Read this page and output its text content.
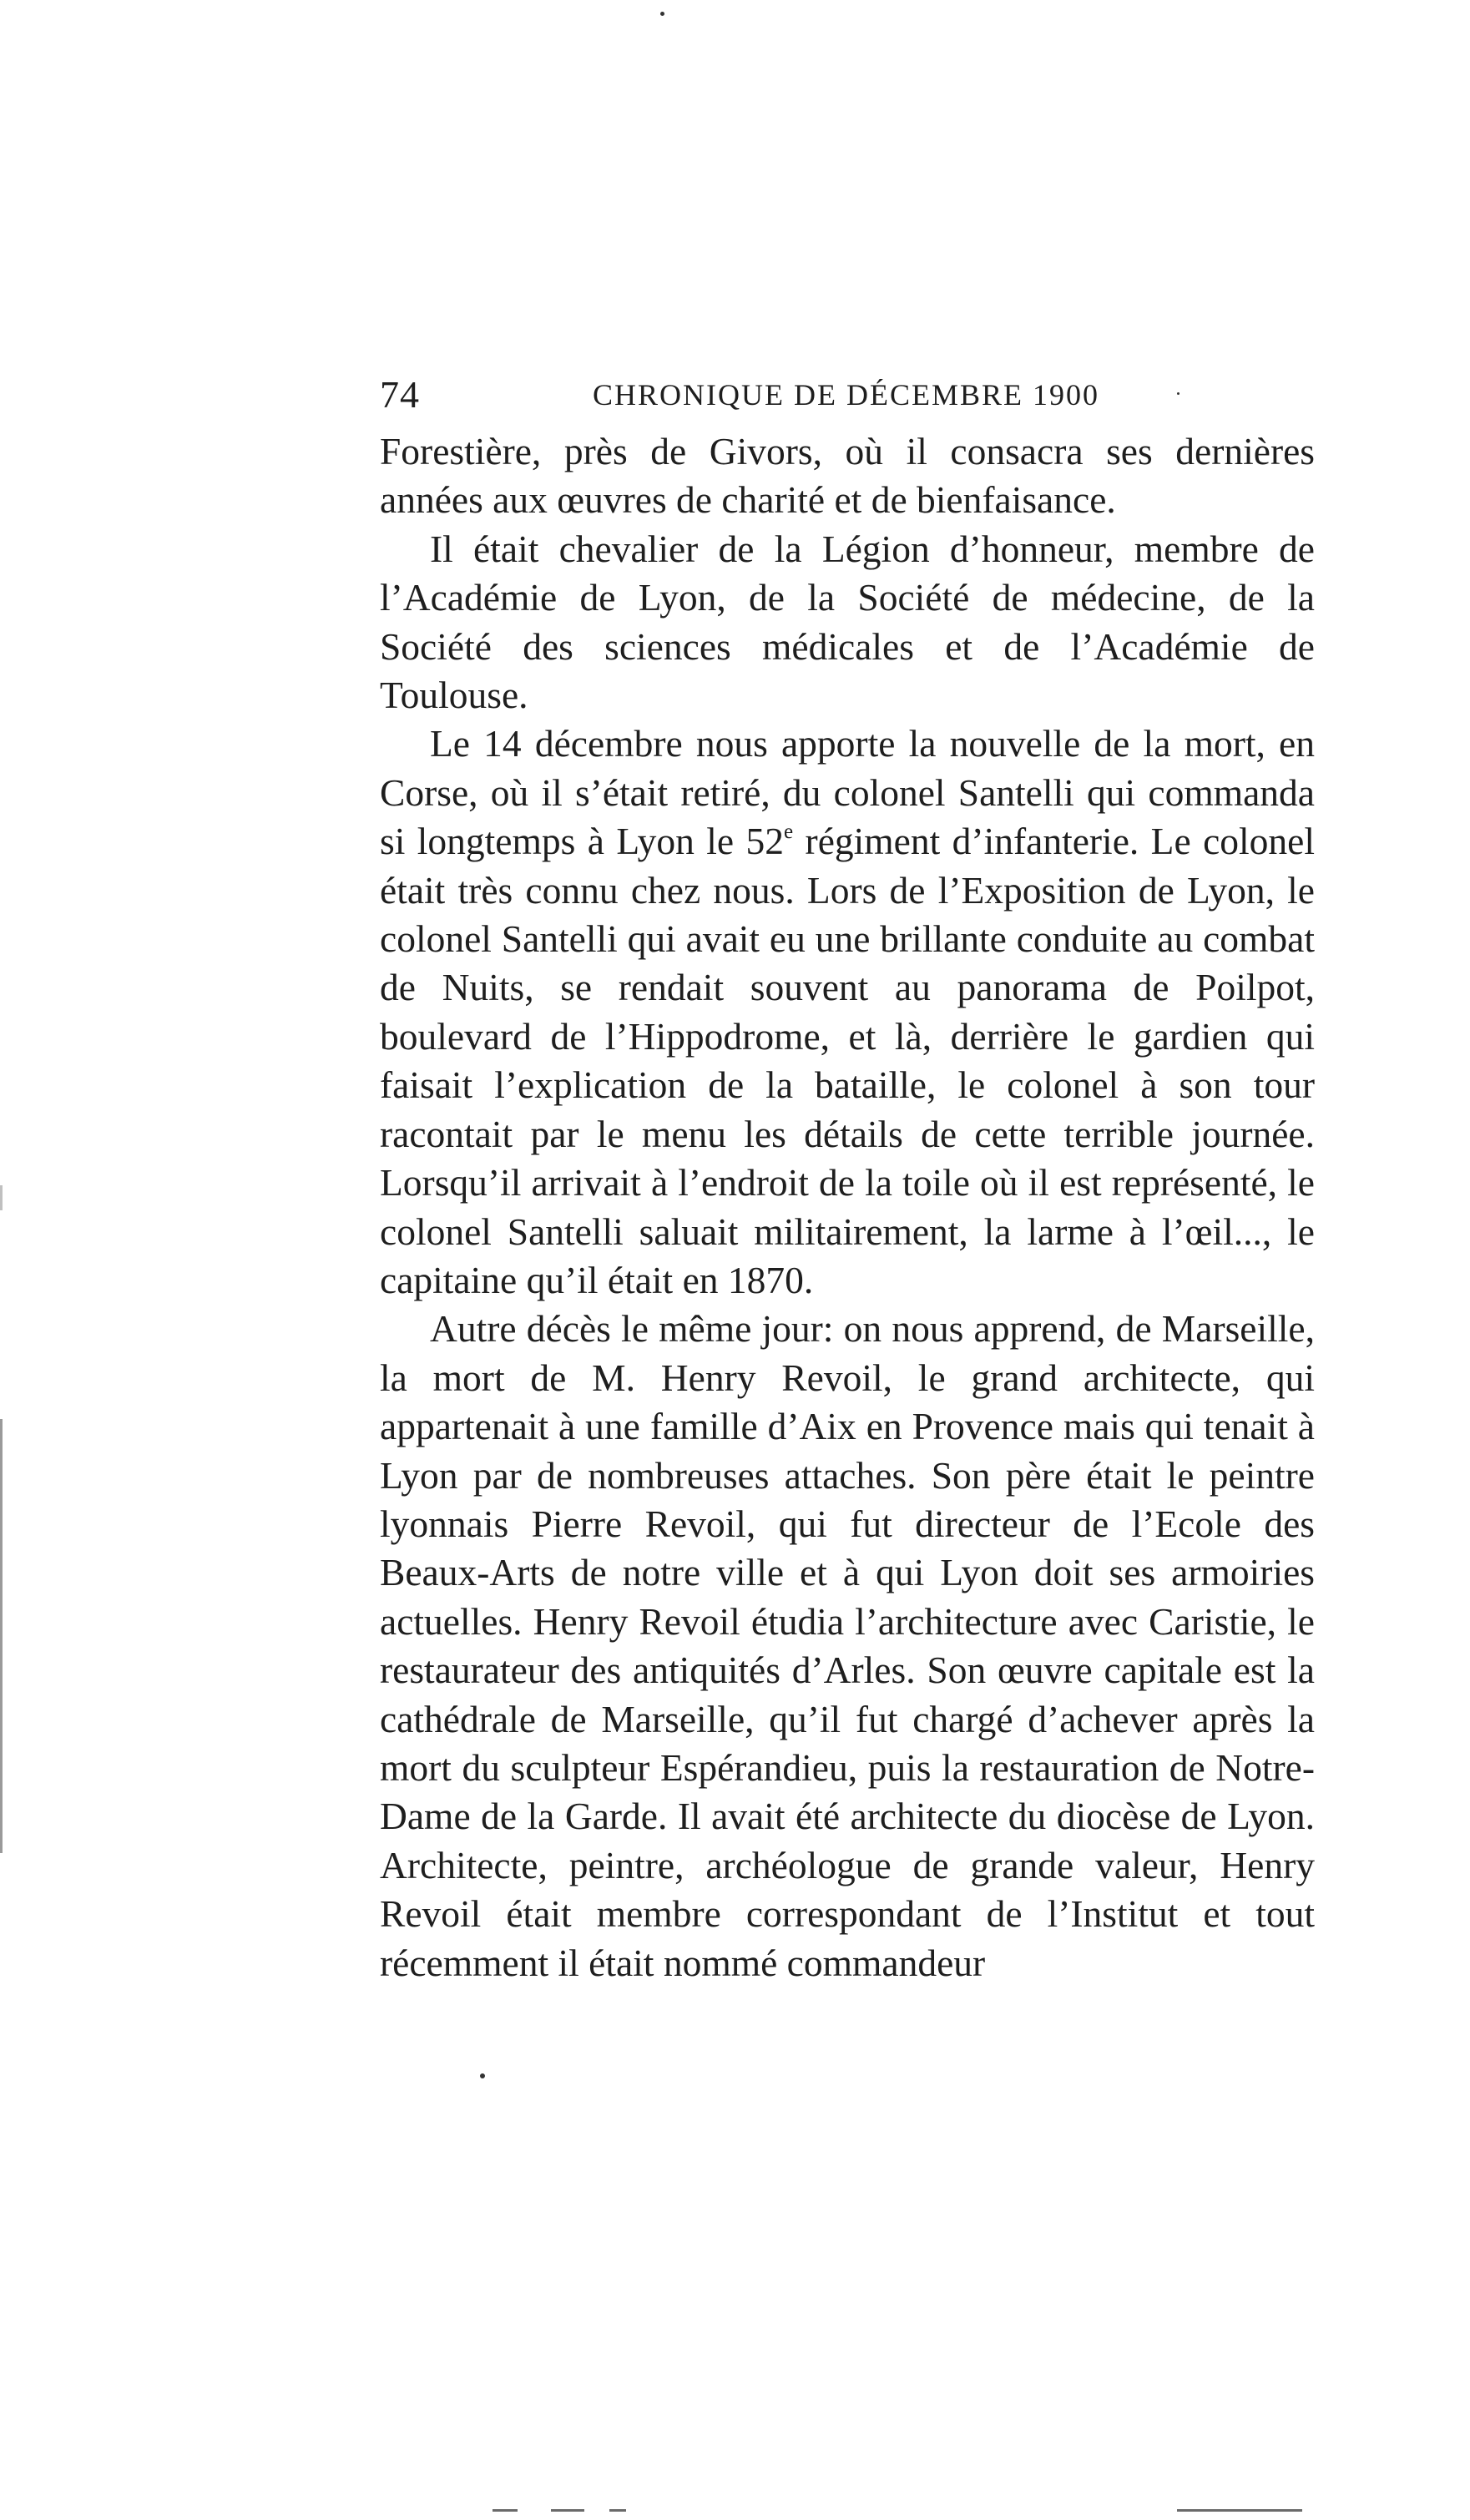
74	CHRONIQUE DE DÉCEMBRE 1900

Forestière, près de Givors, où il consacra ses dernières années aux œuvres de charité et de bienfaisance.

Il était chevalier de la Légion d’honneur, membre de l’Académie de Lyon, de la Société de médecine, de la Société des sciences médicales et de l’Académie de Toulouse.

Le 14 décembre nous apporte la nouvelle de la mort, en Corse, où il s’était retiré, du colonel Santelli qui commanda si longtemps à Lyon le 52e régiment d’infanterie. Le colonel était très connu chez nous. Lors de l’Exposition de Lyon, le colonel Santelli qui avait eu une brillante conduite au combat de Nuits, se rendait souvent au panorama de Poilpot, boulevard de l’Hippodrome, et là, derrière le gardien qui faisait l’explication de la bataille, le colonel à son tour racontait par le menu les détails de cette terrible journée. Lorsqu’il arrivait à l’endroit de la toile où il est représenté, le colonel Santelli saluait militairement, la larme à l’œil..., le capitaine qu’il était en 1870.

Autre décès le même jour: on nous apprend, de Marseille, la mort de M. Henry Revoil, le grand architecte, qui appartenait à une famille d’Aix en Provence mais qui tenait à Lyon par de nombreuses attaches. Son père était le peintre lyonnais Pierre Revoil, qui fut directeur de l’Ecole des Beaux-Arts de notre ville et à qui Lyon doit ses armoiries actuelles. Henry Revoil étudia l’architecture avec Caristie, le restaurateur des antiquités d’Arles. Son œuvre capitale est la cathédrale de Marseille, qu’il fut chargé d’achever après la mort du sculpteur Espérandieu, puis la restauration de Notre-Dame de la Garde. Il avait été architecte du diocèse de Lyon. Architecte, peintre, archéologue de grande valeur, Henry Revoil était membre correspondant de l’Institut et tout récemment il était nommé commandeur
